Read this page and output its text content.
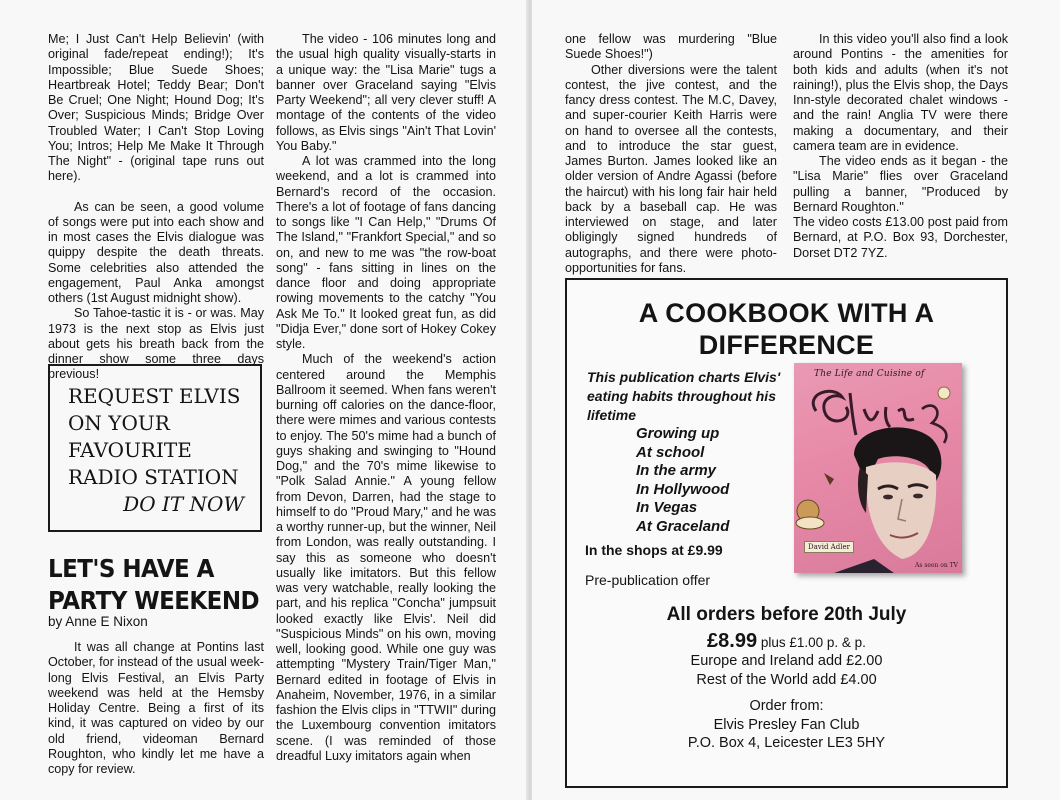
Me; I Just Can't Help Believin' (with original fade/repeat ending!); It's Impossible; Blue Suede Shoes; Heartbreak Hotel; Teddy Bear; Don't Be Cruel; One Night; Hound Dog; It's Over; Suspicious Minds; Bridge Over Troubled Water; I Can't Stop Loving You; Intros; Help Me Make It Through The Night" - (original tape runs out here).

As can be seen, a good volume of songs were put into each show and in most cases the Elvis dialogue was quippy despite the death threats. Some celebrities also attended the engagement, Paul Anka amongst others (1st August midnight show).

So Tahoe-tastic it is - or was. May 1973 is the next stop as Elvis just about gets his breath back from the dinner show some three days previous!

REQUEST ELVIS
ON YOUR
FAVOURITE
RADIO STATION
DO IT NOW
LET'S HAVE A
PARTY WEEKEND
by Anne E Nixon

It was all change at Pontins last October, for instead of the usual week-long Elvis Festival, an Elvis Party weekend was held at the Hemsby Holiday Centre. Being a first of its kind, it was captured on video by our old friend, videoman Bernard Roughton, who kindly let me have a copy for review.

The video - 106 minutes long and the usual high quality visually-starts in a unique way: the "Lisa Marie" tugs a banner over Graceland saying "Elvis Party Weekend"; all very clever stuff! A montage of the contents of the video follows, as Elvis sings "Ain't That Lovin' You Baby."

A lot was crammed into the long weekend, and a lot is crammed into Bernard's record of the occasion. There's a lot of footage of fans dancing to songs like "I Can Help," "Drums Of The Island," "Frankfort Special," and so on, and new to me was "the row-boat song" - fans sitting in lines on the dance floor and doing appropriate rowing movements to the catchy "You Ask Me To." It looked great fun, as did "Didja Ever," done sort of Hokey Cokey style.

Much of the weekend's action centered around the Memphis Ballroom it seemed. When fans weren't burning off calories on the dance-floor, there were mimes and various contests to enjoy. The 50's mime had a bunch of guys shaking and swinging to "Hound Dog," and the 70's mime likewise to "Polk Salad Annie." A young fellow from Devon, Darren, had the stage to himself to do "Proud Mary," and he was a worthy runner-up, but the winner, Neil from London, was really outstanding. I say this as someone who doesn't usually like imitators. But this fellow was very watchable, really looking the part, and his replica "Concha" jumpsuit looked exactly like Elvis'. Neil did "Suspicious Minds" on his own, moving well, looking good. While one guy was attempting "Mystery Train/Tiger Man," Bernard edited in footage of Elvis in Anaheim, November, 1976, in a similar fashion the Elvis clips in "TTWII" during the Luxembourg convention imitators scene. (I was reminded of those dreadful Luxy imitators again when

one fellow was murdering "Blue Suede Shoes!")

Other diversions were the talent contest, the jive contest, and the fancy dress contest. The M.C, Davey, and super-courier Keith Harris were on hand to oversee all the contests, and to introduce the star guest, James Burton. James looked like an older version of Andre Agassi (before the haircut) with his long fair hair held back by a baseball cap. He was interviewed on stage, and later obligingly signed hundreds of autographs, and there were photo-opportunities for fans.

In this video you'll also find a look around Pontins - the amenities for both kids and adults (when it's not raining!), plus the Elvis shop, the Days Inn-style decorated chalet windows - and the rain! Anglia TV were there making a documentary, and their camera team are in evidence.

The video ends as it began - the "Lisa Marie" flies over Graceland pulling a banner, "Produced by Bernard Roughton."

The video costs £13.00 post paid from Bernard, at P.O. Box 93, Dorchester, Dorset DT2 7YZ.

A COOKBOOK WITH A
DIFFERENCE
This publication charts Elvis' eating habits throughout his lifetime
Growing up
At school
In the army
In Hollywood
In Vegas
At Graceland
The Life and Cuisine of
David Adler
As seen on TV
In the shops at £9.99
Pre-publication offer
All orders before 20th July
£8.99 plus £1.00 p. & p.
Europe and Ireland add £2.00
Rest of the World add £4.00
Order from:
Elvis Presley Fan Club
P.O. Box 4, Leicester LE3 5HY
